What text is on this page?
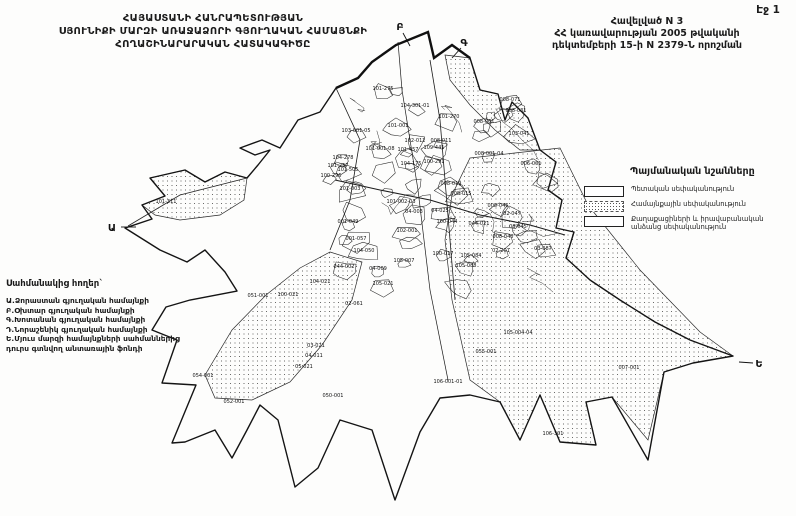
101-275
104-301-01
101-270
008-071
008-031
008-001
103-001-05
101-001
103-041
102-012 008-011
101-001-08 101-457 109-441
008-001-04
006-001
104-278
101-257	104-175 100-291
100-296
101-505
008-019
101-003
008-015
101-002-03
04-003 04-025
008-046
02-047
100-044 044-021	03-045
001-049
102-001
008-048
001-057
104-050	100-017 105-084
02-201	03-087
105-007
105-088
044-002	04-009
105-021
101-311
104-021
051-001 100-021
02-061
03-021
04-011
05-021
054-001
050-001
052-001
105-004-04
055-001
106-001-01
007-001
106-301
Ա
Բ
Գ
Ե
ՀԱՅԱՍՏԱՆԻ ՀԱՆՐԱՊԵՏՈՒԹՅԱՆ
ՍՅՈՒՆԻՔԻ ՄԱՐԶԻ ԱՌԱՋԱՁՈՐԻ ԳՅՈՒՂԱԿԱՆ ՀԱՄԱՅՆՔԻ
ՀՈՂԱՇԻՆԱՐԱՐԱԿԱՆ ՀԱՏԱԿԱԳԻԾԸ
Էջ 1
Հավելված N 3
ՀՀ կառավարության 2005 թվականի
դեկտեմբերի 15-ի N 2379-Ն որոշման
Պայմանական նշանները
Պետական սեփականություն
Համայնքային սեփականություն
Քաղաքացիների և իրավաբանական անձանց սեփականություն
Սահմանակից հողեր`
Ա.Ձորաստան գյուղական համայնքի
Բ.Օխտար գյուղական համայնքի
Գ.Խոտանան գյուղական համայնքի
Դ.Նորաշենիկ գյուղական համայնքի
Ե.Մյուս մարզի համայնքների սահմաններից
դուրս գտնվող անտառային ֆոնդի
